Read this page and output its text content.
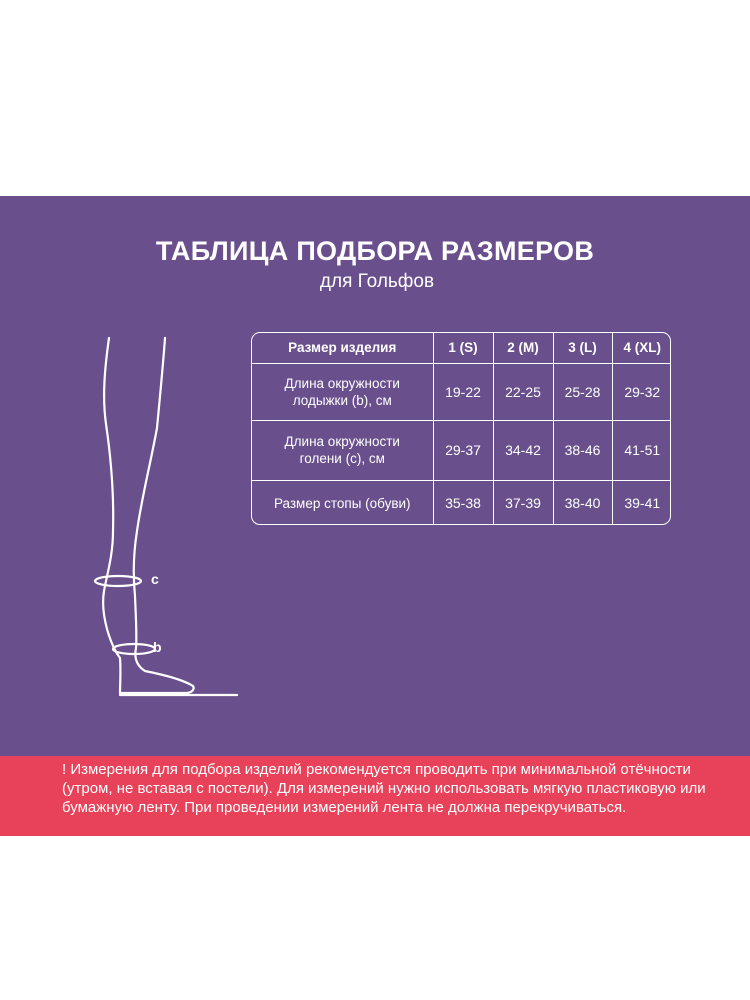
ТАБЛИЦА ПОДБОРА РАЗМЕРОВ
для Гольфов
c
b
Размер изделия	1 (S)	2 (M)	3 (L)	4 (XL)

Длина окружности
лодыжки (b), см	19-22	22-25	25-28	29-32

Длина окружности
голени (с), см	29-37	34-42	38-46	41-51

Размер стопы (обуви)	35-38	37-39	38-40	39-41
! Измерения для подбора изделий рекомендуется проводить при минимальной отёчности (утром, не вставая с постели). Для измерений нужно использовать мягкую пластиковую или бумажную ленту. При проведении измерений лента не должна перекручиваться.
